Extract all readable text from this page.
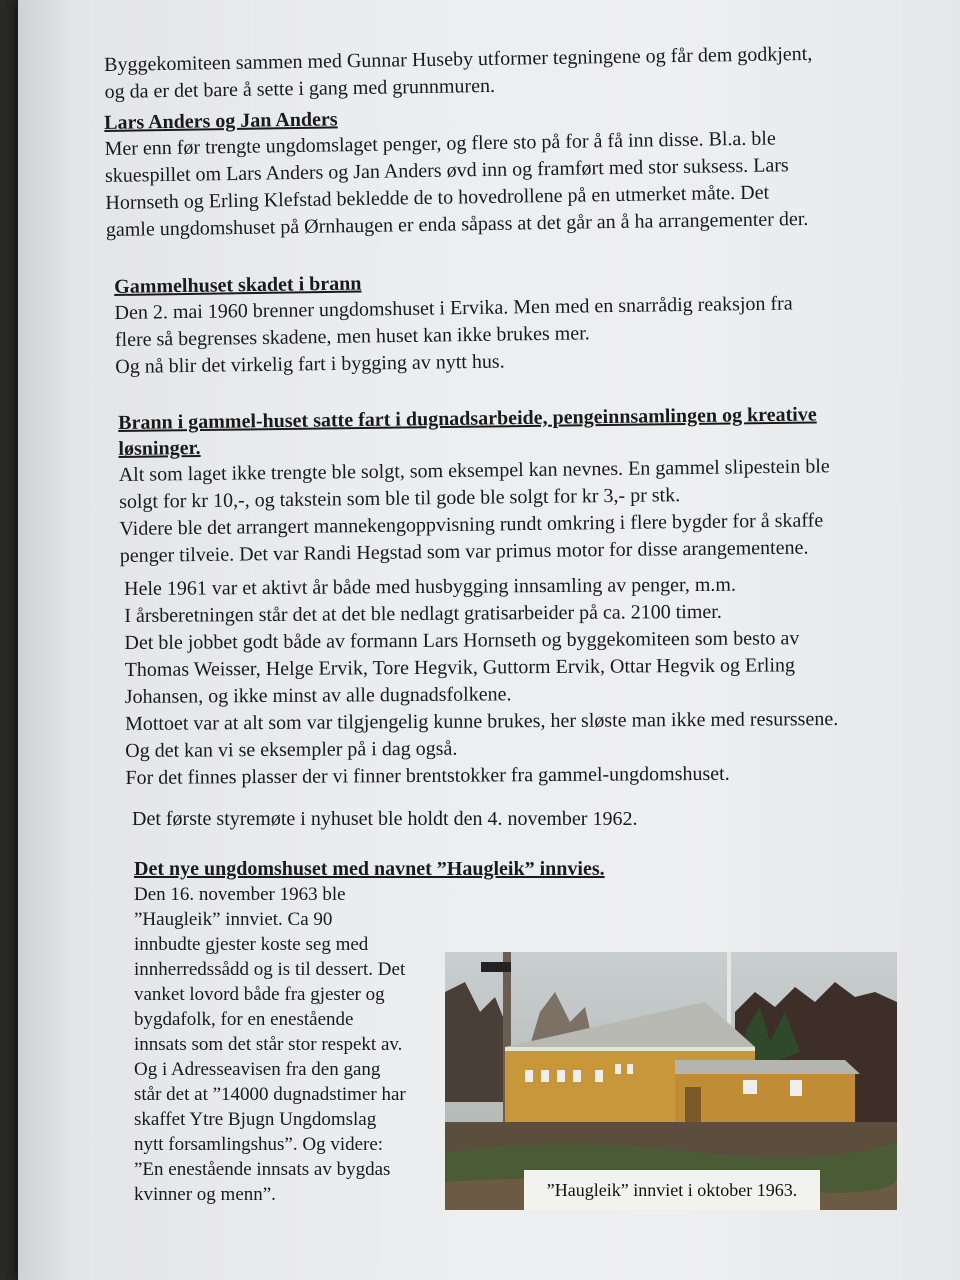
Byggekomiteen sammen med Gunnar Huseby utformer tegningene og får dem godkjent,
og da er det bare å sette i gang med grunnmuren.
Lars Anders og Jan Anders
Mer enn før trengte ungdomslaget penger, og flere sto på for å få inn disse. Bl.a. ble
skuespillet om Lars Anders og Jan Anders øvd inn og framført med stor suksess. Lars
Hornseth og Erling Klefstad bekledde de to hovedrollene på en utmerket måte. Det
gamle ungdomshuset på Ørnhaugen er enda såpass at det går an å ha arrangementer der.
Gammelhuset skadet i brann
Den 2. mai 1960 brenner ungdomshuset i Ervika. Men med en snarrådig reaksjon fra
flere så begrenses skadene, men huset kan ikke brukes mer.
Og nå blir det virkelig fart i bygging av nytt hus.
Brann i gammel-huset satte fart i dugnadsarbeide, pengeinnsamlingen og kreative
løsninger.
Alt som laget ikke trengte ble solgt, som eksempel kan nevnes. En gammel slipestein ble
solgt for kr 10,-, og takstein som ble til gode ble solgt for kr 3,- pr stk.
Videre ble det arrangert mannekengoppvisning rundt omkring i flere bygder for å skaffe
penger tilveie. Det var Randi Hegstad som var primus motor for disse arangementene.
Hele 1961 var et aktivt år både med husbygging innsamling av penger, m.m.
I årsberetningen står det at det ble nedlagt gratisarbeider på ca. 2100 timer.
Det ble jobbet godt både av formann Lars Hornseth og byggekomiteen som besto av
Thomas Weisser, Helge Ervik, Tore Hegvik, Guttorm Ervik, Ottar Hegvik og Erling
Johansen, og ikke minst av alle dugnadsfolkene.
Mottoet var at alt som var tilgjengelig kunne brukes, her sløste man ikke med resurssene.
Og det kan vi se eksempler på i dag også.
For det finnes plasser der vi finner brentstokker fra gammel-ungdomshuset.
Det første styremøte i nyhuset ble holdt den 4. november 1962.
Det nye ungdomshuset med navnet ”Haugleik” innvies.
Den 16. november 1963 ble
”Haugleik” innviet. Ca 90
innbudte gjester koste seg med
innherredssådd og is til dessert. Det
vanket lovord både fra gjester og
bygdafolk, for en enestående
innsats som det står stor respekt av.
Og i Adresseavisen fra den gang
står det at ”14000 dugnadstimer har
skaffet Ytre Bjugn Ungdomslag
nytt forsamlingshus”. Og videre:
”En enestående innsats av bygdas
kvinner og menn”.	”Haugleik” innviet i oktober 1963.
